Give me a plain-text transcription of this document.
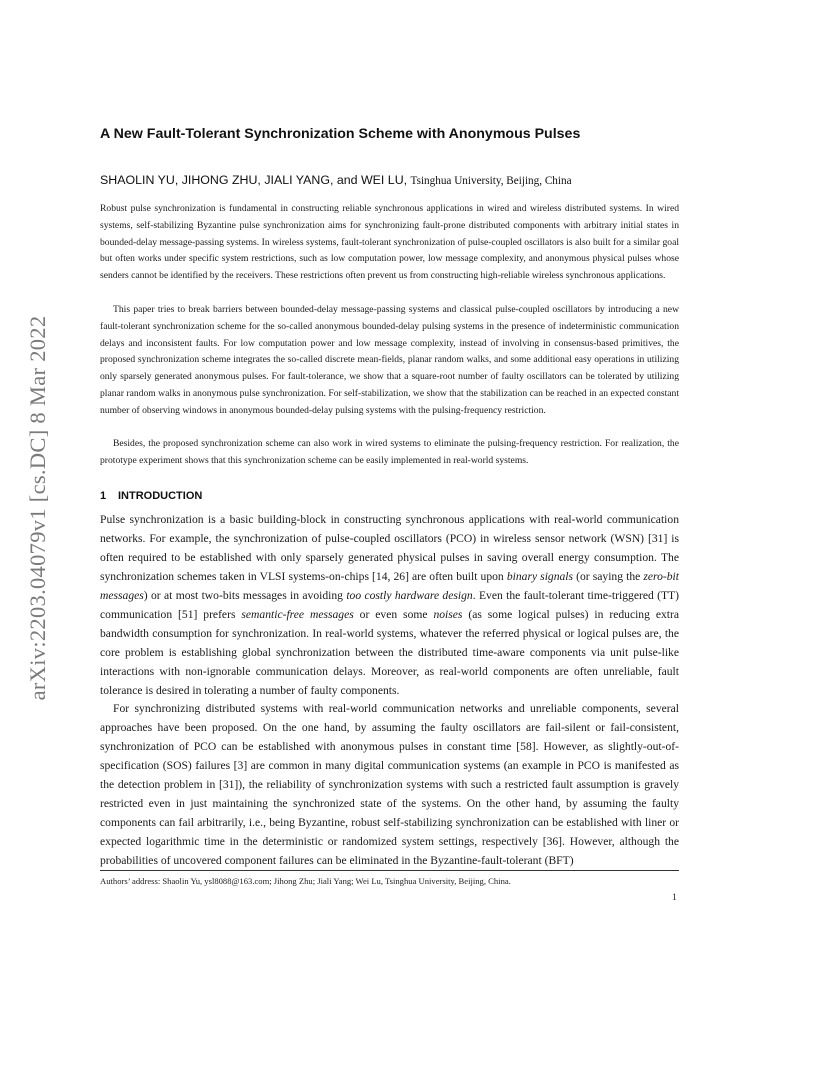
arXiv:2203.04079v1 [cs.DC] 8 Mar 2022
A New Fault-Tolerant Synchronization Scheme with Anonymous Pulses
SHAOLIN YU, JIHONG ZHU, JIALI YANG, and WEI LU, Tsinghua University, Beijing, China

Robust pulse synchronization is fundamental in constructing reliable synchronous applications in wired and wireless distributed systems. In wired systems, self-stabilizing Byzantine pulse synchronization aims for synchronizing fault-prone distributed components with arbitrary initial states in bounded-delay message-passing systems. In wireless systems, fault-tolerant synchronization of pulse-coupled oscillators is also built for a similar goal but often works under specific system restrictions, such as low computation power, low message complexity, and anonymous physical pulses whose senders cannot be identified by the receivers. These restrictions often prevent us from constructing high-reliable wireless synchronous applications.

This paper tries to break barriers between bounded-delay message-passing systems and classical pulse-coupled oscillators by introducing a new fault-tolerant synchronization scheme for the so-called anonymous bounded-delay pulsing systems in the presence of indeterministic communication delays and inconsistent faults. For low computation power and low message complexity, instead of involving in consensus-based primitives, the proposed synchronization scheme integrates the so-called discrete mean-fields, planar random walks, and some additional easy operations in utilizing only sparsely generated anonymous pulses. For fault-tolerance, we show that a square-root number of faulty oscillators can be tolerated by utilizing planar random walks in anonymous pulse synchronization. For self-stabilization, we show that the stabilization can be reached in an expected constant number of observing windows in anonymous bounded-delay pulsing systems with the pulsing-frequency restriction.

Besides, the proposed synchronization scheme can also work in wired systems to eliminate the pulsing-frequency restriction. For realization, the prototype experiment shows that this synchronization scheme can be easily implemented in real-world systems.

1 INTRODUCTION

Pulse synchronization is a basic building-block in constructing synchronous applications with real-world communication networks. For example, the synchronization of pulse-coupled oscillators (PCO) in wireless sensor network (WSN) [31] is often required to be established with only sparsely generated physical pulses in saving overall energy consumption. The synchronization schemes taken in VLSI systems-on-chips [14, 26] are often built upon binary signals (or saying the zero-bit messages) or at most two-bits messages in avoiding too costly hardware design. Even the fault-tolerant time-triggered (TT) communication [51] prefers semantic-free messages or even some noises (as some logical pulses) in reducing extra bandwidth consumption for synchronization. In real-world systems, whatever the referred physical or logical pulses are, the core problem is establishing global synchronization between the distributed time-aware components via unit pulse-like interactions with non-ignorable communication delays. Moreover, as real-world components are often unreliable, fault tolerance is desired in tolerating a number of faulty components.

For synchronizing distributed systems with real-world communication networks and unreliable components, several approaches have been proposed. On the one hand, by assuming the faulty oscillators are fail-silent or fail-consistent, synchronization of PCO can be established with anonymous pulses in constant time [58]. However, as slightly-out-of-specification (SOS) failures [3] are common in many digital communication systems (an example in PCO is manifested as the detection problem in [31]), the reliability of synchronization systems with such a restricted fault assumption is gravely restricted even in just maintaining the synchronized state of the systems. On the other hand, by assuming the faulty components can fail arbitrarily, i.e., being Byzantine, robust self-stabilizing synchronization can be established with liner or expected logarithmic time in the deterministic or randomized system settings, respectively [36]. However, although the probabilities of uncovered component failures can be eliminated in the Byzantine-fault-tolerant (BFT)

Authors’ address: Shaolin Yu, ysl8088@163.com; Jihong Zhu; Jiali Yang; Wei Lu, Tsinghua University, Beijing, China.
1
